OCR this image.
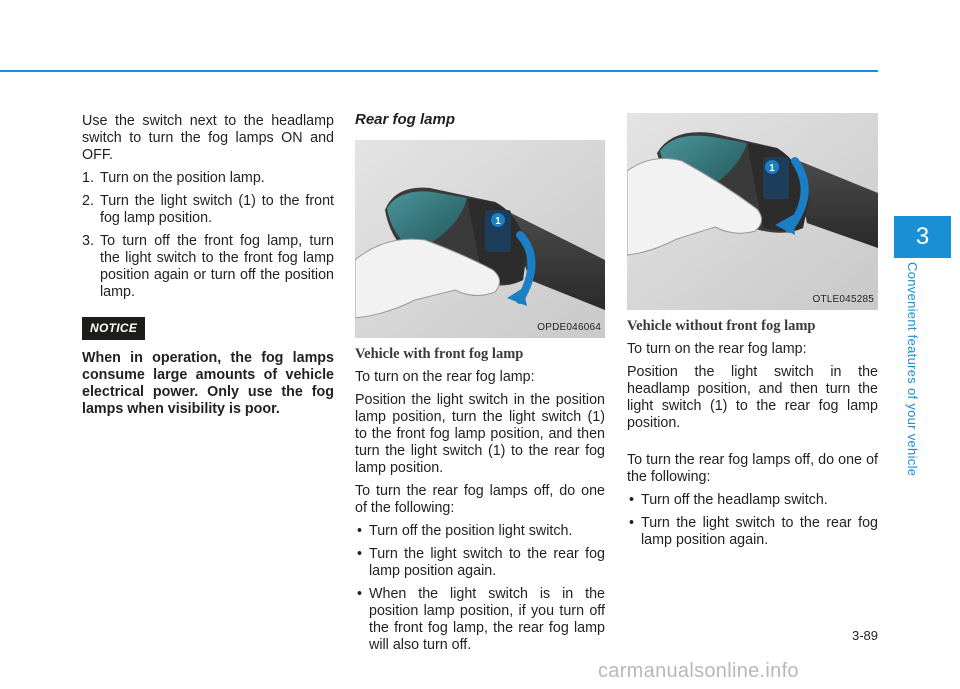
Use the switch next to the headlamp switch to turn the fog lamps ON and OFF.

1. Turn on the position lamp.
2. Turn the light switch (1) to the front fog lamp position.
3. To turn off the front fog lamp, turn the light switch to the front fog lamp position again or turn off the position lamp.
NOTICE
When in operation, the fog lamps consume large amounts of vehicle electrical power. Only use the fog lamps when visibility is poor.
Rear fog lamp
1
OPDE046064
Vehicle with front fog lamp

To turn on the rear fog lamp:

Position the light switch in the position lamp position, turn the light switch (1) to the front fog lamp position, and then turn the light switch (1) to the rear fog lamp position.

To turn the rear fog lamps off, do one of the following:

• Turn off the position light switch.
• Turn the light switch to the rear fog lamp position again.
• When the light switch is in the position lamp position, if you turn off the front fog lamp, the rear fog lamp will also turn off.
1
OTLE045285
Vehicle without front fog lamp

To turn on the rear fog lamp:

Position the light switch in the headlamp position, and then turn the light switch (1) to the rear fog lamp position.

To turn the rear fog lamps off, do one of the following:

• Turn off the headlamp switch.
• Turn the light switch to the rear fog lamp position again.
3
Convenient features of your vehicle
3-89
carmanualsonline.info
